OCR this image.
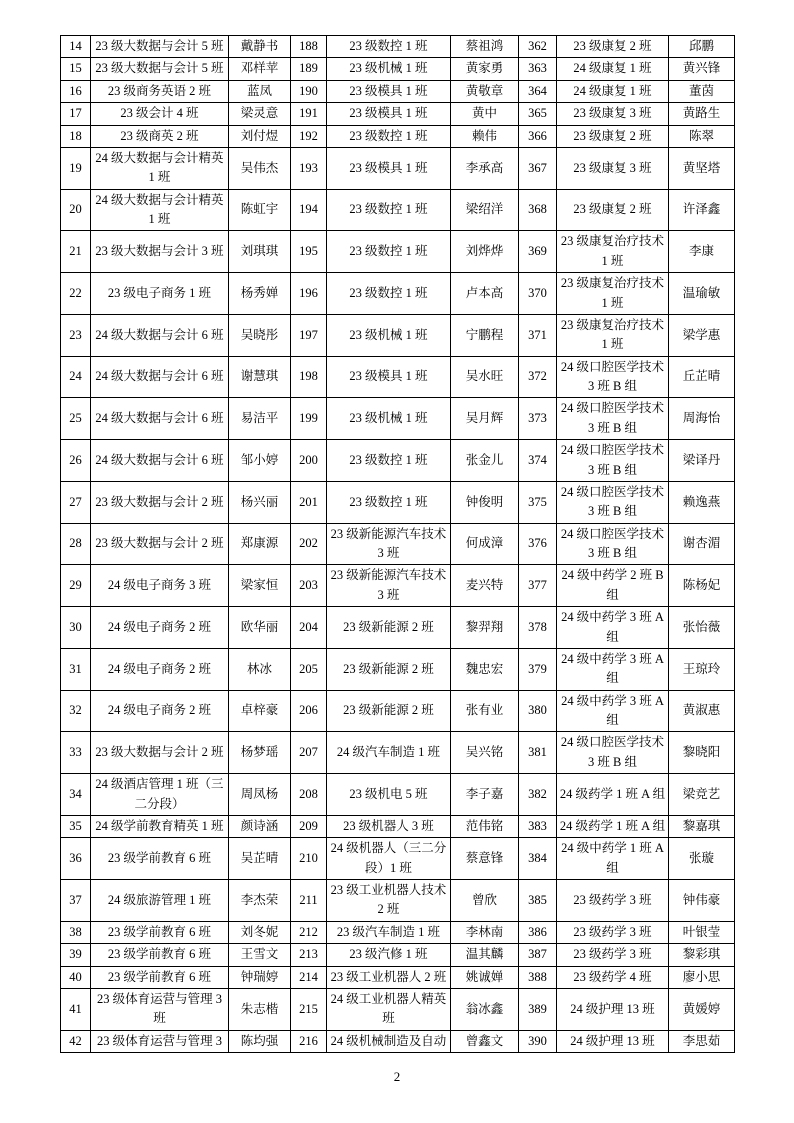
14	23 级大数据与会计 5 班	戴静书	188	23 级数控 1 班	蔡祖鸿	362	23 级康复 2 班	邱鹏
15	23 级大数据与会计 5 班	邓样苹	189	23 级机械 1 班	黄家勇	363	24 级康复 1 班	黄兴锋
16	23 级商务英语 2 班	蓝凤	190	23 级模具 1 班	黄敬章	364	24 级康复 1 班	董茵
17	23 级会计 4 班	梁灵意	191	23 级模具 1 班	黄中	365	23 级康复 3 班	黄路生
18	23 级商英 2 班	刘付煜	192	23 级数控 1 班	赖伟	366	23 级康复 2 班	陈翠
19	24 级大数据与会计精英 1 班	吴伟杰	193	23 级模具 1 班	李承高	367	23 级康复 3 班	黄坚塔
20	24 级大数据与会计精英 1 班	陈虹宇	194	23 级数控 1 班	梁绍洋	368	23 级康复 2 班	许泽鑫
21	23 级大数据与会计 3 班	刘琪琪	195	23 级数控 1 班	刘烨烨	369	23 级康复治疗技术 1 班	李康
22	23 级电子商务 1 班	杨秀婵	196	23 级数控 1 班	卢本高	370	23 级康复治疗技术 1 班	温瑜敏
23	24 级大数据与会计 6 班	吴晓彤	197	23 级机械 1 班	宁鹏程	371	23 级康复治疗技术 1 班	梁学惠
24	24 级大数据与会计 6 班	谢慧琪	198	23 级模具 1 班	吴水旺	372	24 级口腔医学技术 3 班 B 组	丘芷晴
25	24 级大数据与会计 6 班	易洁平	199	23 级机械 1 班	吴月辉	373	24 级口腔医学技术 3 班 B 组	周海怡
26	24 级大数据与会计 6 班	邹小婷	200	23 级数控 1 班	张金儿	374	24 级口腔医学技术 3 班 B 组	梁译丹
27	23 级大数据与会计 2 班	杨兴丽	201	23 级数控 1 班	钟俊明	375	24 级口腔医学技术 3 班 B 组	赖逸燕
28	23 级大数据与会计 2 班	郑康源	202	23 级新能源汽车技术 3 班	何成漳	376	24 级口腔医学技术 3 班 B 组	谢杏湄
29	24 级电子商务 3 班	梁家恒	203	23 级新能源汽车技术 3 班	麦兴特	377	24 级中药学 2 班 B 组	陈杨妃
30	24 级电子商务 2 班	欧华丽	204	23 级新能源 2 班	黎羿翔	378	24 级中药学 3 班 A 组	张怡薇
31	24 级电子商务 2 班	林冰	205	23 级新能源 2 班	魏忠宏	379	24 级中药学 3 班 A 组	王琼玲
32	24 级电子商务 2 班	卓梓豪	206	23 级新能源 2 班	张有业	380	24 级中药学 3 班 A 组	黄淑惠
33	23 级大数据与会计 2 班	杨梦瑶	207	24 级汽车制造 1 班	吴兴铭	381	24 级口腔医学技术 3 班 B 组	黎晓阳
34	24 级酒店管理 1 班（三二分段）	周凤杨	208	23 级机电 5 班	李子嘉	382	24 级药学 1 班 A 组	梁竞艺
35	24 级学前教育精英 1 班	颜诗涵	209	23 级机器人 3 班	范伟铭	383	24 级药学 1 班 A 组	黎嘉琪
36	23 级学前教育 6 班	吴芷晴	210	24 级机器人（三二分段）1 班	蔡意锋	384	24 级中药学 1 班 A 组	张璇
37	24 级旅游管理 1 班	李杰荣	211	23 级工业机器人技术 2 班	曾欣	385	23 级药学 3 班	钟伟豪
38	23 级学前教育 6 班	刘冬妮	212	23 级汽车制造 1 班	李林南	386	23 级药学 3 班	叶银莹
39	23 级学前教育 6 班	王雪文	213	23 级汽修 1 班	温其麟	387	23 级药学 3 班	黎彩琪
40	23 级学前教育 6 班	钟瑞婷	214	23 级工业机器人 2 班	姚诚婵	388	23 级药学 4 班	廖小思
41	23 级体育运营与管理 3 班	朱志楷	215	24 级工业机器人精英班	翁冰鑫	389	24 级护理 13 班	黄媛婷
42	23 级体育运营与管理 3	陈均强	216	24 级机械制造及自动	曾鑫文	390	24 级护理 13 班	李思茹
2
